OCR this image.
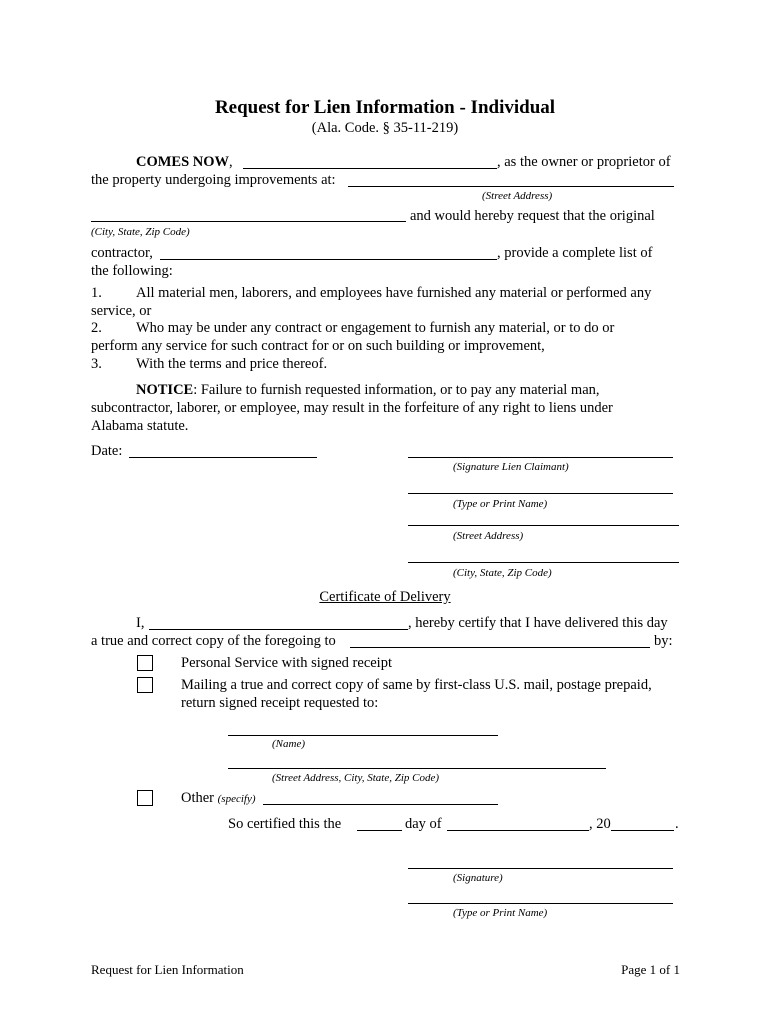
Request for Lien Information - Individual
(Ala. Code. § 35-11-219)
COMES NOW,	, as the owner or proprietor of
the property undergoing improvements at:
(Street Address)
and would hereby request that the original
(City, State, Zip Code)
contractor,	, provide a complete list of
the following:
1. All material men, laborers, and employees have furnished any material or performed any
service, or
2. Who may be under any contract or engagement to furnish any material, or to do or
perform any service for such contract for or on such building or improvement,
3. With the terms and price thereof.
NOTICE: Failure to furnish requested information, or to pay any material man,
subcontractor, laborer, or employee, may result in the forfeiture of any right to liens under
Alabama statute.
Date:
(Signature Lien Claimant)
(Type or Print Name)
(Street Address)
(City, State, Zip Code)
Certificate of Delivery
I,	, hereby certify that I have delivered this day
a true and correct copy of the foregoing to	by:
Personal Service with signed receipt
Mailing a true and correct copy of same by first-class U.S. mail, postage prepaid,
return signed receipt requested to:
(Name)
(Street Address, City, State, Zip Code)
Other (specify)
So certified this the	day of	, 20	.
(Signature)
(Type or Print Name)
Request for Lien Information	Page 1 of 1
